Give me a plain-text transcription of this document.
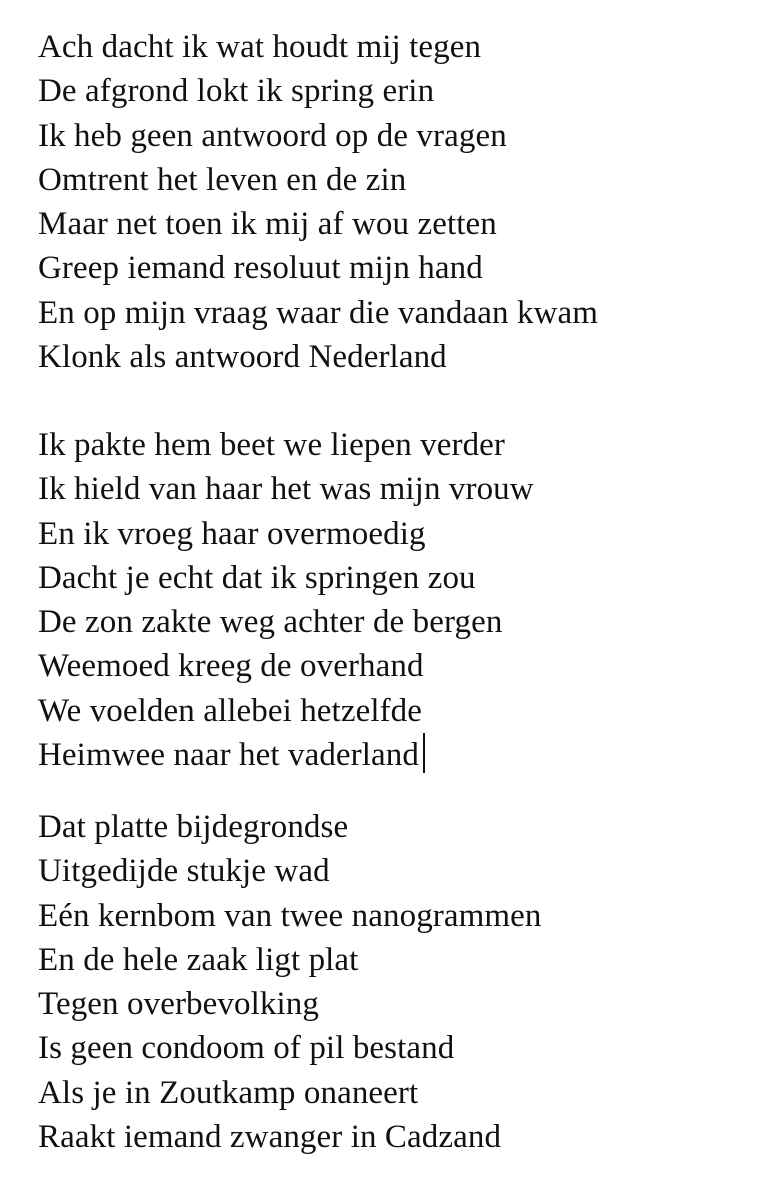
Ach dacht ik wat houdt mij tegen
De afgrond lokt ik spring erin
Ik heb geen antwoord op de vragen
Omtrent het leven en de zin
Maar net toen ik mij af wou zetten
Greep iemand resoluut mijn hand
En op mijn vraag waar die vandaan kwam
Klonk als antwoord Nederland
Ik pakte hem beet we liepen verder
Ik hield van haar het was mijn vrouw
En ik vroeg haar overmoedig
Dacht je echt dat ik springen zou
De zon zakte weg achter de bergen
Weemoed kreeg de overhand
We voelden allebei hetzelfde
Heimwee naar het vaderland
Dat platte bijdegrondse
Uitgedijde stukje wad
Eén kernbom van twee nanogrammen
En de hele zaak ligt plat
Tegen overbevolking
Is geen condoom of pil bestand
Als je in Zoutkamp onaneert
Raakt iemand zwanger in Cadzand
